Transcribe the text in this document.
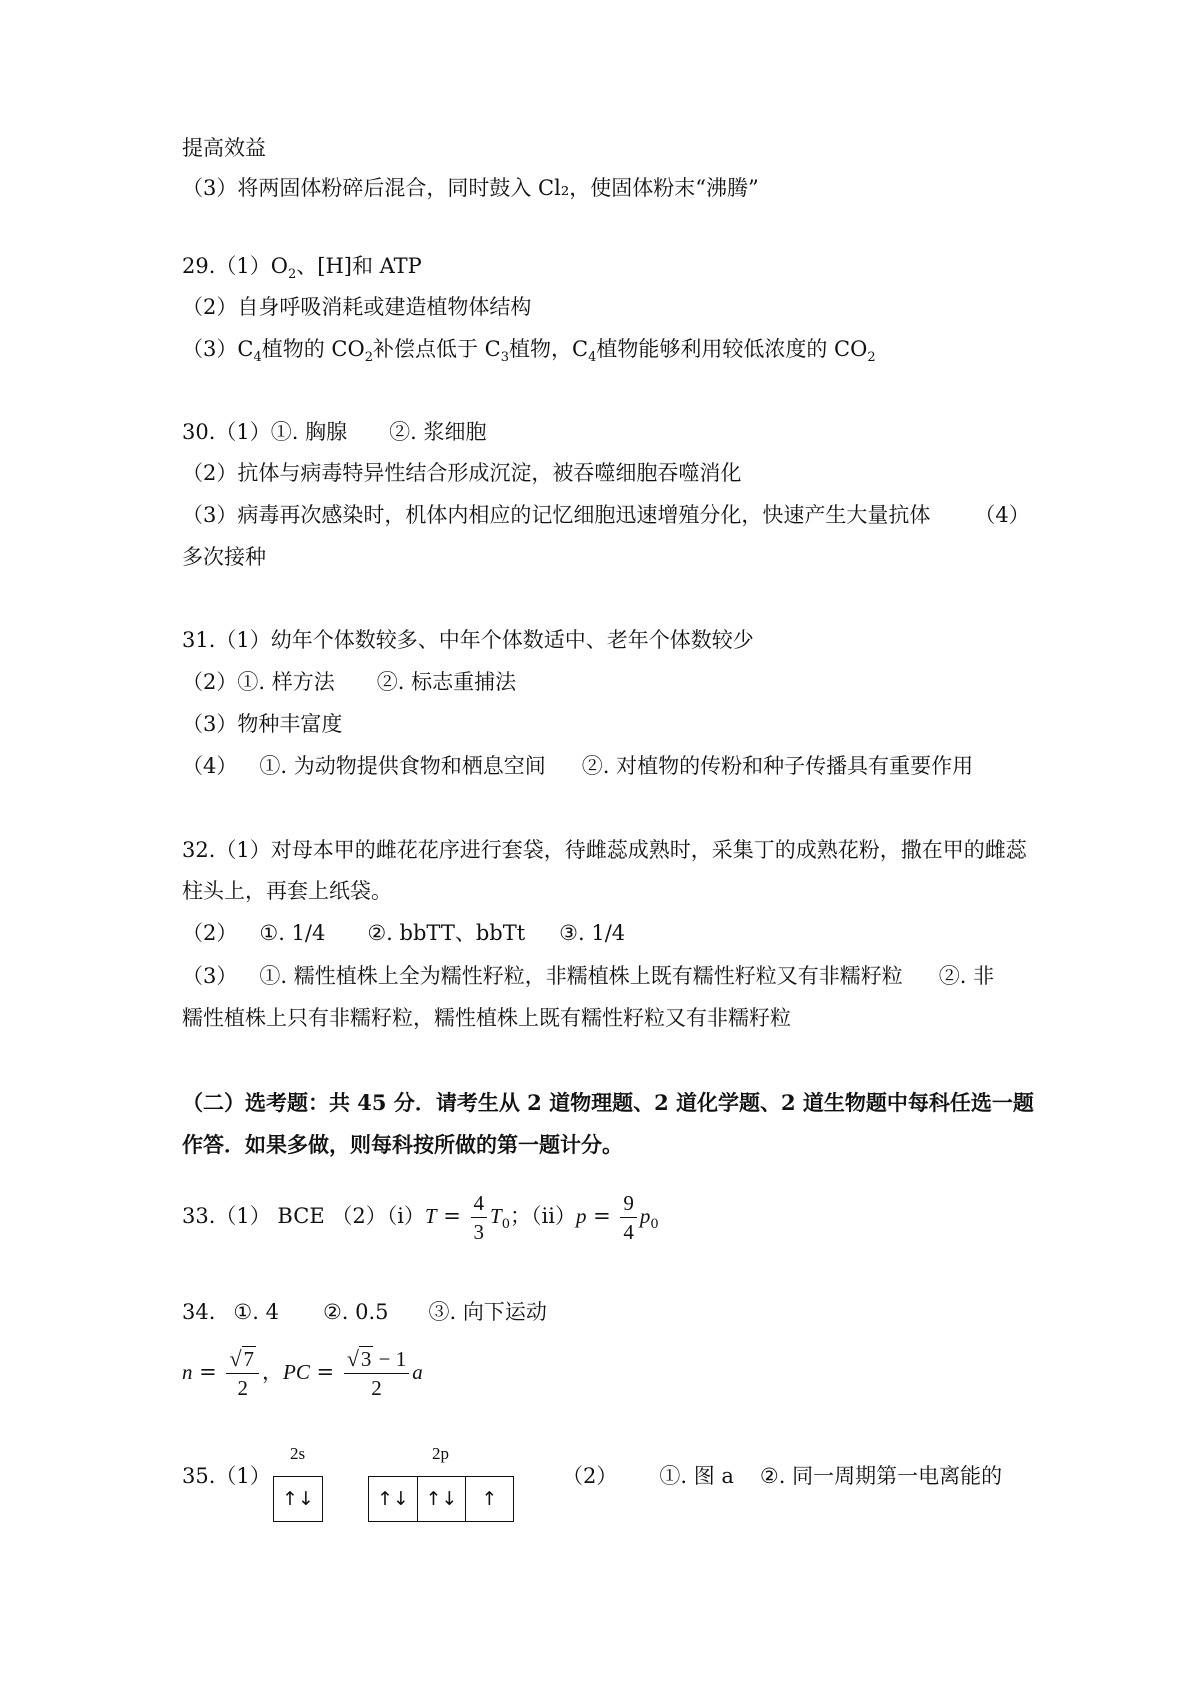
提高效益
（3）将两固体粉碎后混合，同时鼓入 Cl₂，使固体粉末“沸腾”
$29.(1)O_2$、[H]和 ATP
（2）自身呼吸消耗或建造植物体结构
$(3)C_4$植物的 $CO_2$补偿点低于 $C_3$植物，$C_4$植物能够利用较低浓度的 $CO_2$
30.（1）①. 胸腺 ②. 浆细胞
（2）抗体与病毒特异性结合形成沉淀，被吞噬细胞吞噬消化
（3）病毒再次感染时，机体内相应的记忆细胞迅速增殖分化，快速产生大量抗体 （4）
多次接种
31.（1）幼年个体数较多、中年个体数适中、老年个体数较少
（2）①. 样方法 ②. 标志重捕法
（3）物种丰富度
（4） ①. 为动物提供食物和栖息空间 ②. 对植物的传粉和种子传播具有重要作用
32.（1）对母本甲的雌花花序进行套袋，待雌蕊成熟时，采集丁的成熟花粉，撒在甲的雌蕊
柱头上，再套上纸袋。
（2） ①. 1/4 ②. bbTT、bbTt ③. 1/4
（3） ①. 糯性植株上全为糯性籽粒，非糯植株上既有糯性籽粒又有非糯籽粒 ②. 非
糯性植株上只有非糯籽粒，糯性植株上既有糯性籽粒又有非糯籽粒
（二）选考题：共 45 分．请考生从 2 道物理题、2 道化学题、2 道生物题中每科任选一题
作答．如果多做，则每科按所做的第一题计分。
33.（1） BCE $(2)(i)T = \frac{4}{3} T_0$；$(ii)p = \frac{9}{4} p_0$
34. ①. 4 ②. 0.5 ③. 向下运动
$n = \frac{√7}{2}$ ，PC = $\frac{√3 - 1}{2}$ a
35.（1）
2s	2p
↑↓	↑↓ ↑↓	↑
（2） ①. 图 a ②. 同一周期第一电离能的
